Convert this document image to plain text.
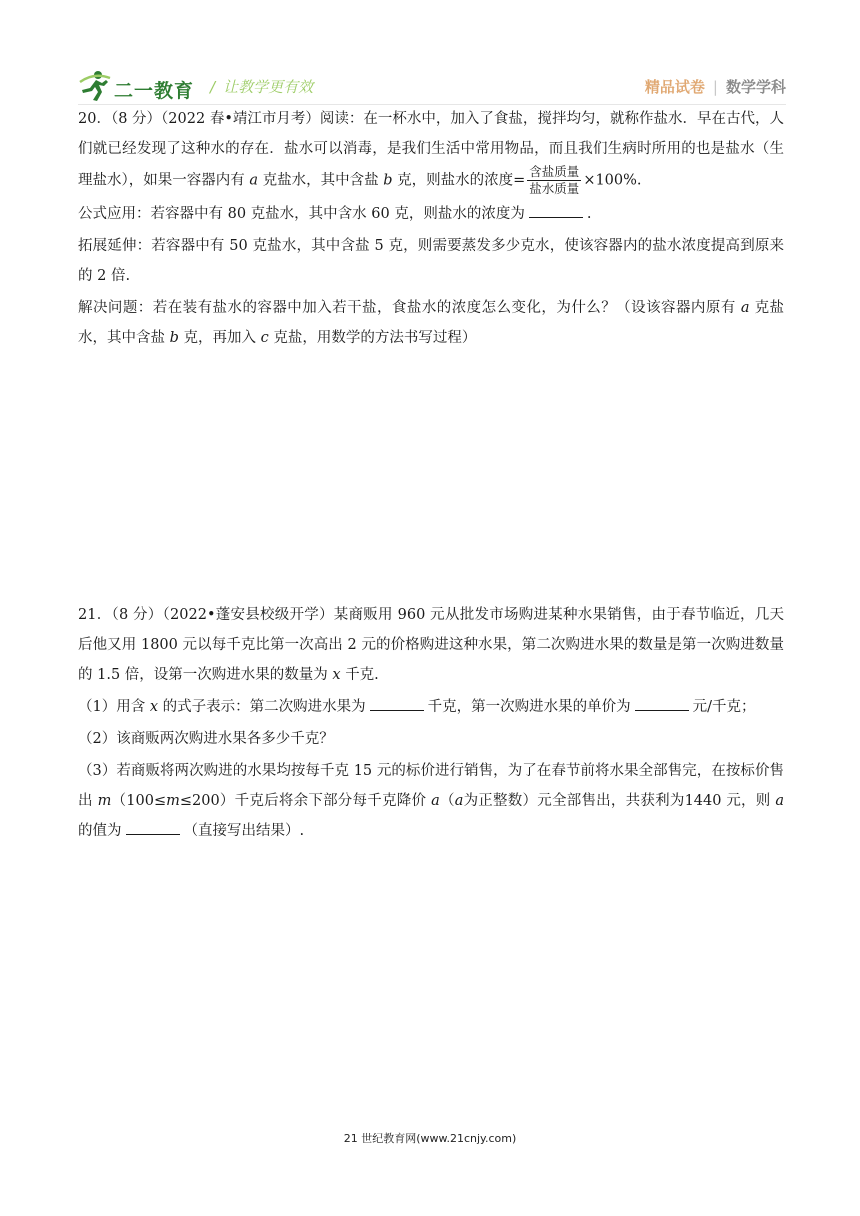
二一教育 / 让教学更有效	精品试卷 | 数学学科

20．（8 分）（2022 春•靖江市月考）阅读：在一杯水中，加入了食盐，搅拌均匀，就称作盐水．早在古代，人们就已经发现了这种水的存在．盐水可以消毒，是我们生活中常用物品，而且我们生病时所用的也是盐水（生理盐水），如果一容器内有 a 克盐水，其中含盐 b 克，则盐水的浓度= $\frac{\text{含盐质量}}{\text{盐水质量}} \times 100\%$.

公式应用：若容器中有 80 克盐水，其中含水 60 克，则盐水的浓度为	.

拓展延伸：若容器中有 50 克盐水，其中含盐 5 克，则需要蒸发多少克水，使该容器内的盐水浓度提高到原来的 2 倍.

解决问题：若在装有盐水的容器中加入若干盐，食盐水的浓度怎么变化，为什么？（设该容器内原有 a 克盐水，其中含盐 b 克，再加入 c 克盐，用数学的方法书写过程）

21．（8 分）（2022•蓬安县校级开学）某商贩用 960 元从批发市场购进某种水果销售，由于春节临近，几天后他又用 1800 元以每千克比第一次高出 2 元的价格购进这种水果，第二次购进水果的数量是第一次购进数量的 1.5 倍，设第一次购进水果的数量为 x 千克.

（1）用含 x 的式子表示：第二次购进水果为	千克，第一次购进水果的单价为	元/千克；

（2）该商贩两次购进水果各多少千克？

（3）若商贩将两次购进的水果均按每千克 15 元的标价进行销售，为了在春节前将水果全部售完，在按标价售出 m（100≤m≤200）千克后将余下部分每千克降价 a（a为正整数）元全部售出，共获利为1440 元，则 a 的值为	（直接写出结果）.

21 世纪教育网(www.21cnjy.com)
